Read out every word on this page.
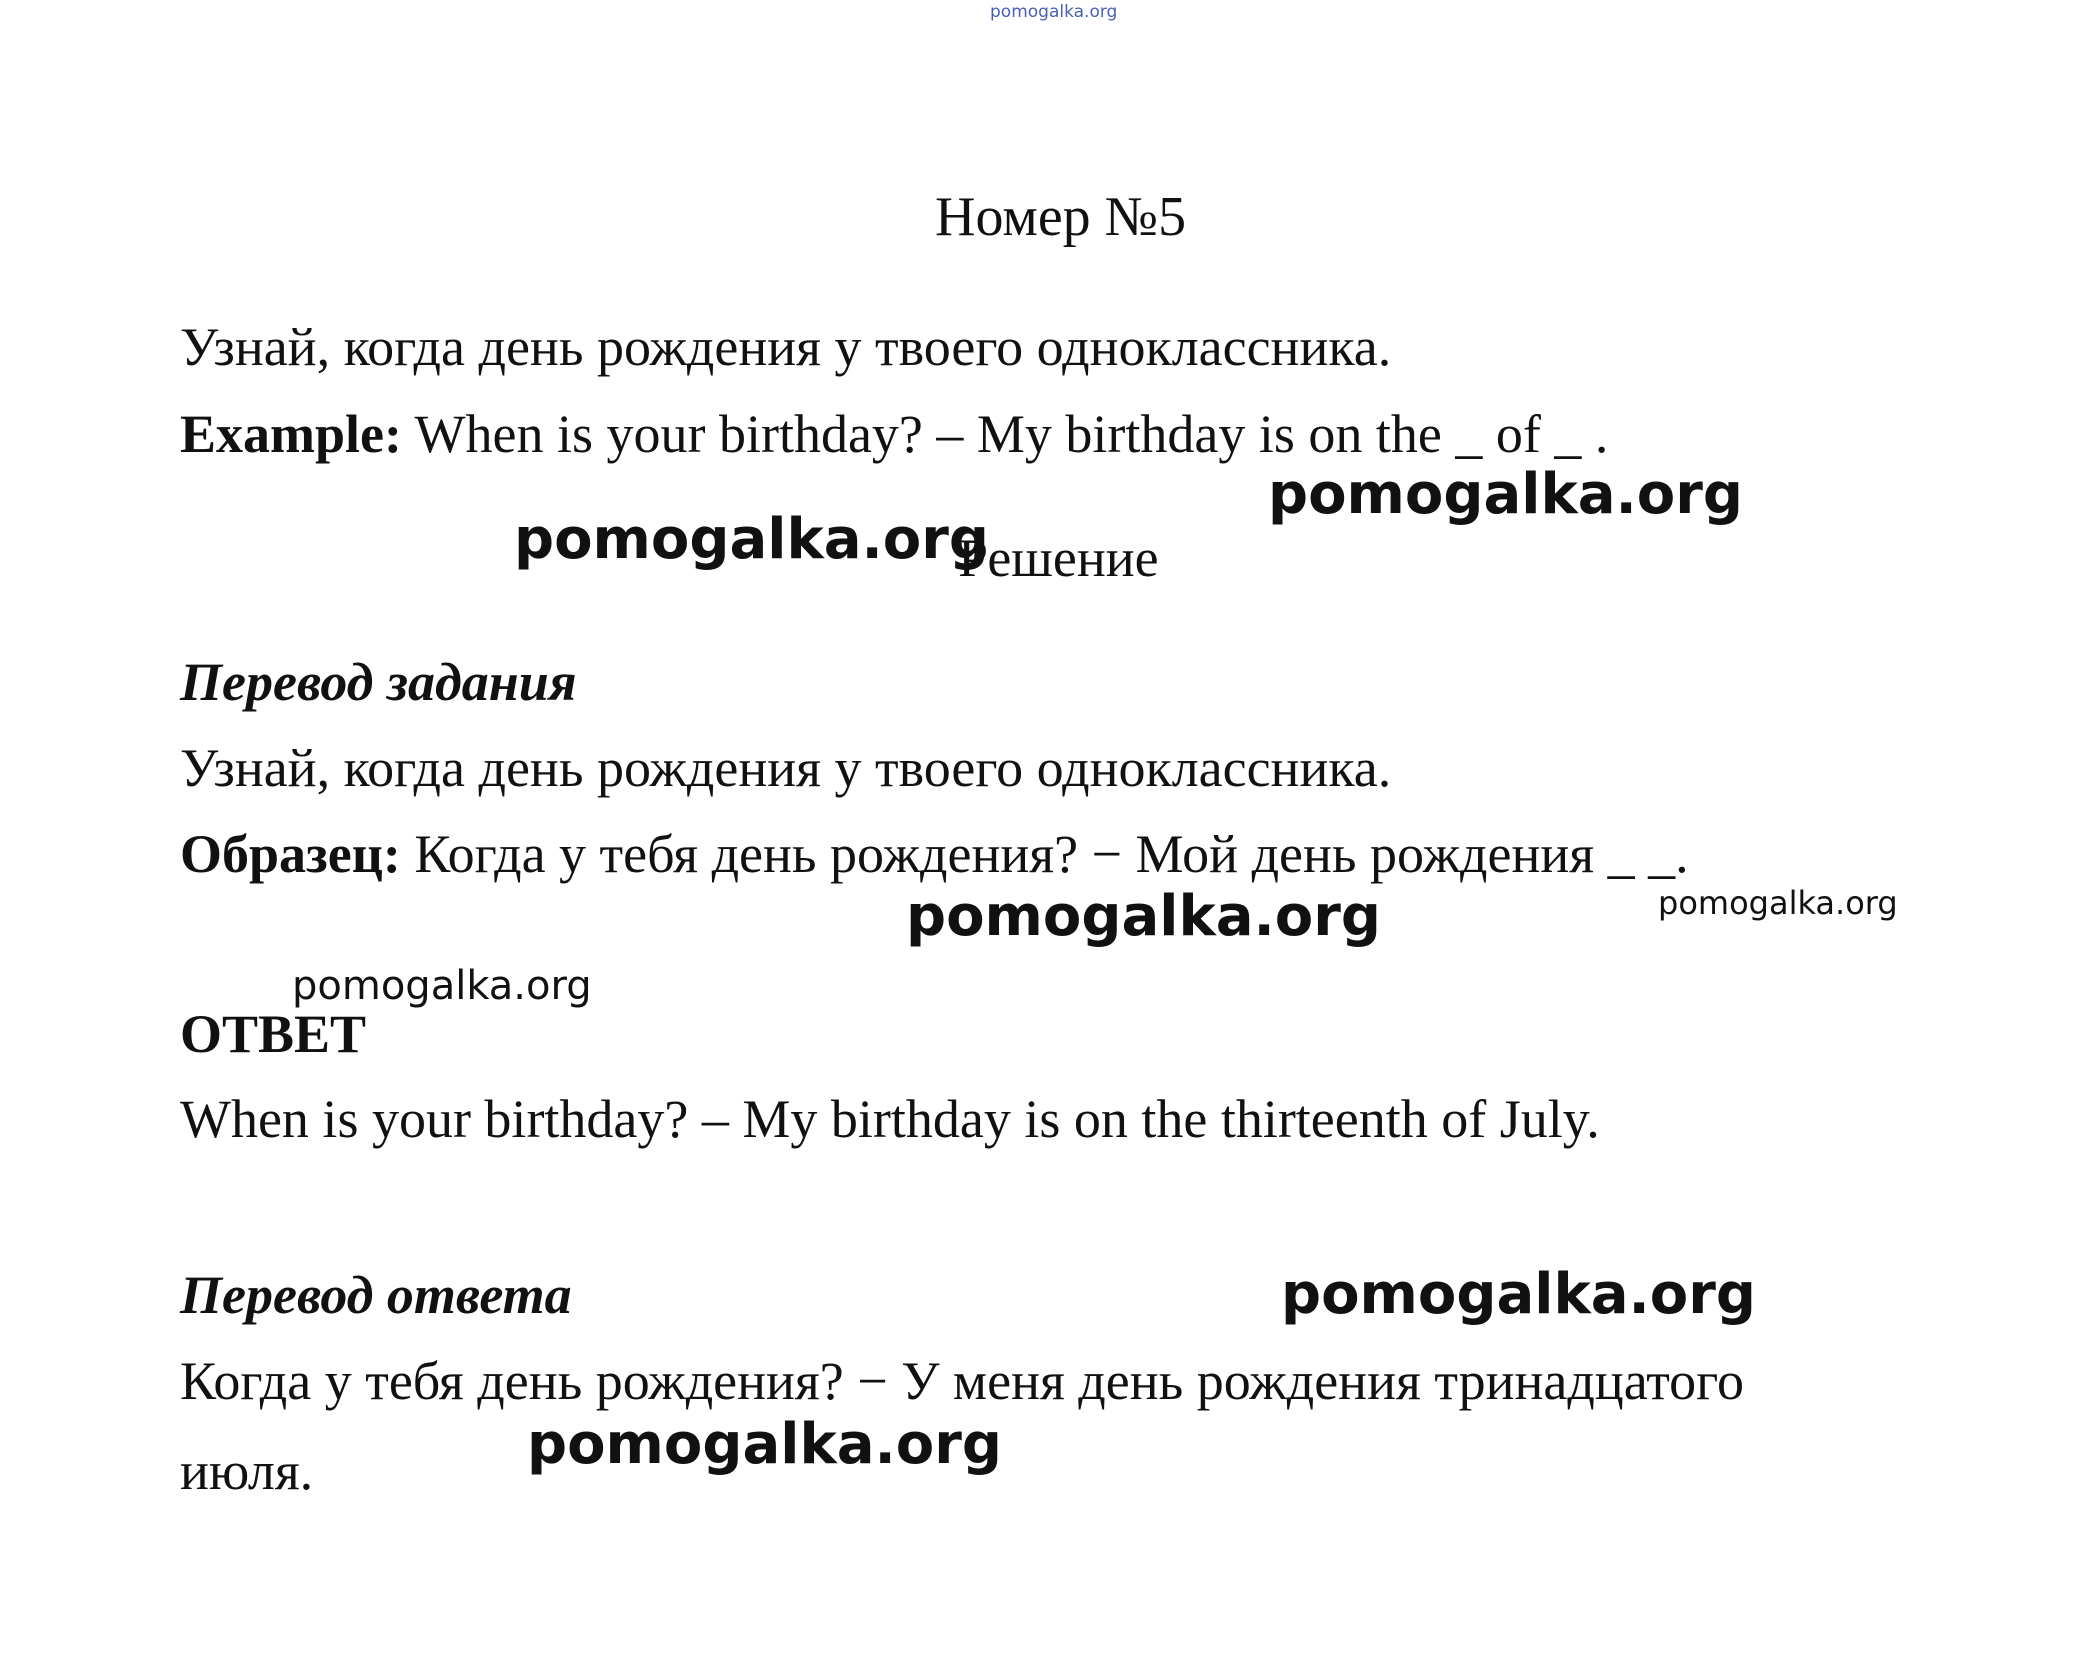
pomogalka.org
Номер №5
Узнай, когда день рождения у твоего одноклассника.
Example: When is your birthday? – My birthday is on the _ of _ .
pomogalka.org
pomogalka.org
Решение
Перевод задания
Узнай, когда день рождения у твоего одноклассника.
Образец: Когда у тебя день рождения? − Мой день рождения _ _.
pomogalka.org	pomogalka.org
pomogalka.org
ОТВЕТ
When is your birthday? – My birthday is on the thirteenth of July.
Перевод ответа	pomogalka.org
Когда у тебя день рождения? − У меня день рождения тринадцатого
pomogalka.org
июля.
